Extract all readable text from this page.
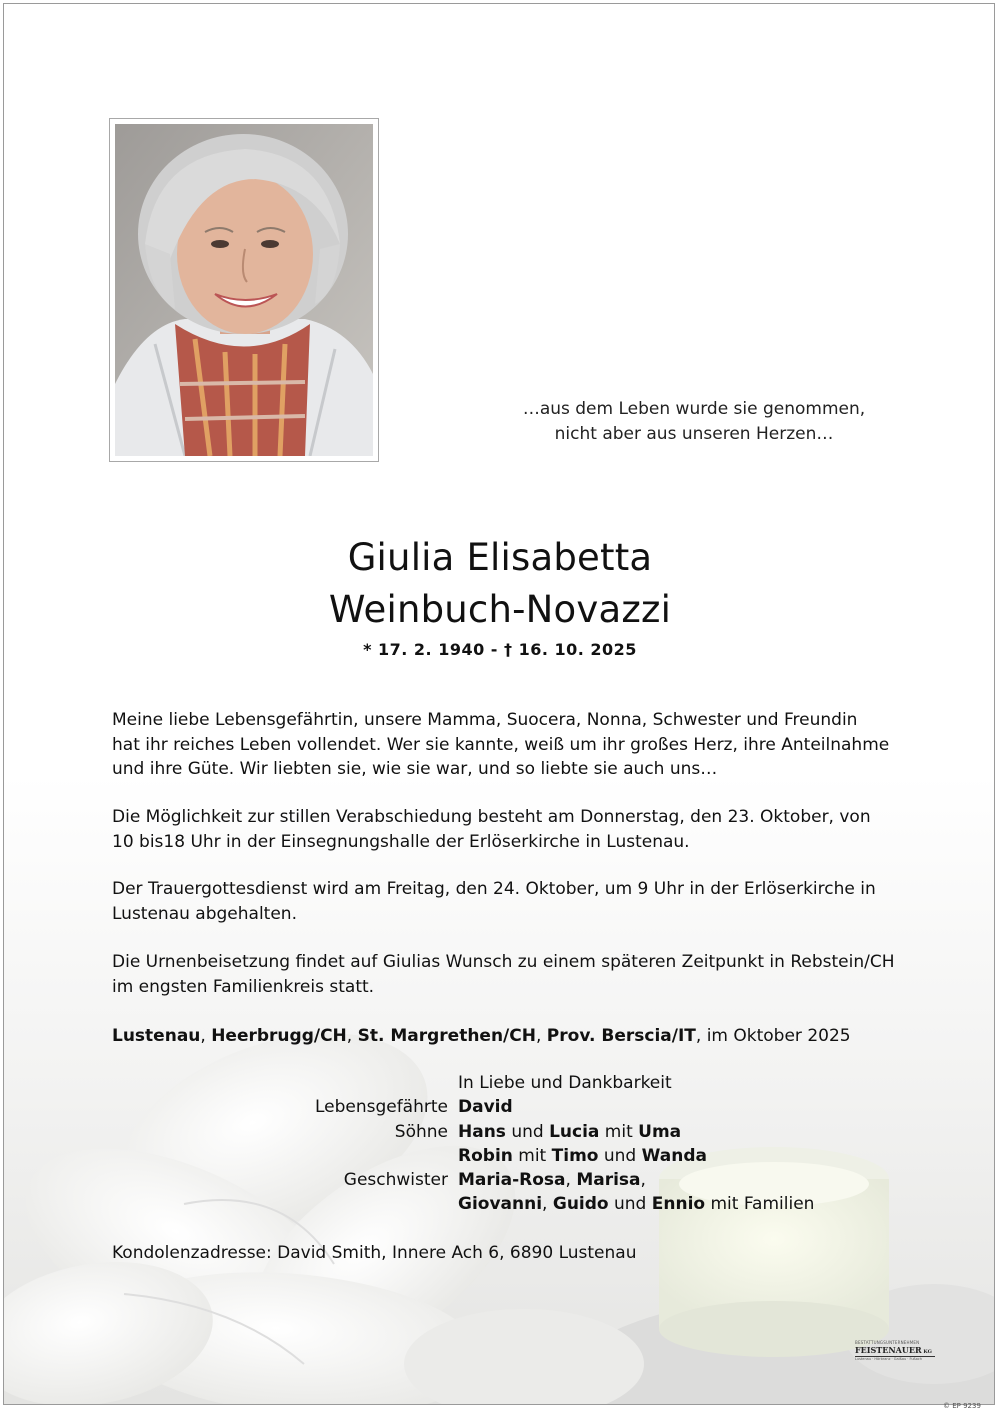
…aus dem Leben wurde sie genommen,
nicht aber aus unseren Herzen…
Giulia Elisabetta
Weinbuch-Novazzi
* 17. 2. 1940 - † 16. 10. 2025
Meine liebe Lebensgefährtin, unsere Mamma, Suocera, Nonna, Schwester und Freundin
hat ihr reiches Leben vollendet. Wer sie kannte, weiß um ihr großes Herz, ihre Anteilnahme
und ihre Güte. Wir liebten sie, wie sie war, und so liebte sie auch uns…
Die Möglichkeit zur stillen Verabschiedung besteht am Donnerstag, den 23. Oktober, von
10 bis18 Uhr in der Einsegnungshalle der Erlöserkirche in Lustenau.
Der Trauergottesdienst wird am Freitag, den 24. Oktober, um 9 Uhr in der Erlöserkirche in
Lustenau abgehalten.
Die Urnenbeisetzung findet auf Giulias Wunsch zu einem späteren Zeitpunkt in Rebstein/CH
im engsten Familienkreis statt.
Lustenau, Heerbrugg/CH, St. Margrethen/CH, Prov. Berscia/IT, im Oktober 2025
In Liebe und Dankbarkeit
Lebensgefährte David
Söhne Hans und Lucia mit Uma
Robin mit Timo und Wanda
Geschwister Maria-Rosa, Marisa,
Giovanni, Guido und Ennio mit Familien
Kondolenzadresse: David Smith, Innere Ach 6, 6890 Lustenau
BESTATTUNGSUNTERNEHMEN
FEISTENAUER KG
Lustenau · Hörbranz · Gaißau · Fußach
© EP 9239
